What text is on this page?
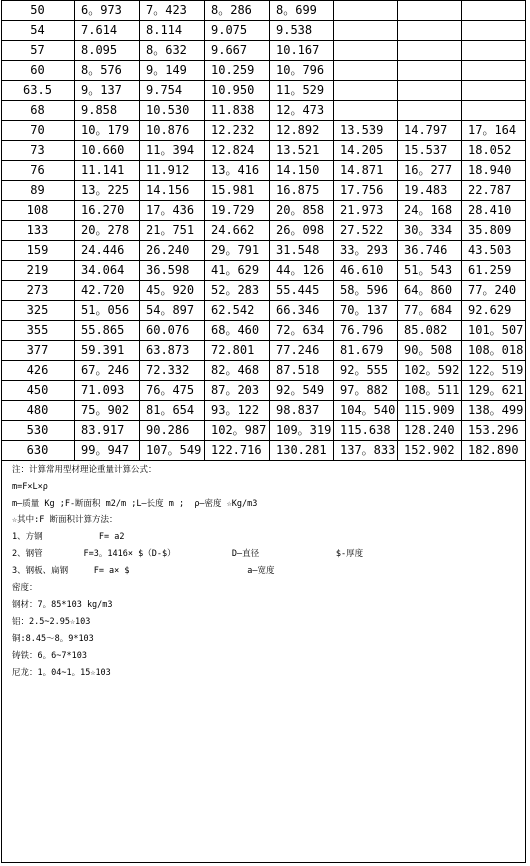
50	6。973	7。423	8。286	8。699			
54	7.614	8.114	9.075	9.538			
57	8.095	8。632	9.667	10.167			
60	8。576	9。149	10.259	10。796			
63.5	9。137	9.754	10.950	11。529			
68	9.858	10.530	11.838	12。473			
70	10。179	10.876	12.232	12.892	13.539	14.797	17。164
73	10.660	11。394	12.824	13.521	14.205	15.537	18.052
76	11.141	11.912	13。416	14.150	14.871	16。277	18.940
89	13。225	14.156	15.981	16.875	17.756	19.483	22.787
108	16.270	17。436	19.729	20。858	21.973	24。168	28.410
133	20。278	21。751	24.662	26。098	27.522	30。334	35.809
159	24.446	26.240	29。791	31.548	33。293	36.746	43.503
219	34.064	36.598	41。629	44。126	46.610	51。543	61.259
273	42.720	45。920	52。283	55.445	58。596	64。860	77。240
325	51。056	54。897	62.542	66.346	70。137	77。684	92.629
355	55.865	60.076	68。460	72。634	76.796	85.082	101。507
377	59.391	63.873	72.801	77.246	81.679	90。508	108。018
426	67。246	72.332	82。468	87.518	92。555	102。592	122。519
450	71.093	76。475	87。203	92。549	97。882	108。511	129。621
480	75。902	81。654	93。122	98.837	104。540	115.909	138。499
530	83.917	90.286	102。987	109。319	115.638	128.240	153.296
630	99。947	107。549	122.716	130.281	137。833	152.902	182.890
注：计算常用型材理论重量计算公式：
m=F×L×ρ
m—质量 Kg ;F-断面积 m2/m ;L—长度 m ;  ρ—密度 ☆Kg/m3
☆其中:F 断面积计算方法：
1、方钢           F= a2
2、钢管        F=3。1416× $（D-$）           D—直径               $-厚度
3、钢板、扁钢     F= a× $                       a—宽度
密度：
钢材：7。85*103 kg/m3
铝：2.5~2.95☆103
铜:8.45～8。9*103
铸铁：6。6~7*103
尼龙：1。04~1。15☆103
